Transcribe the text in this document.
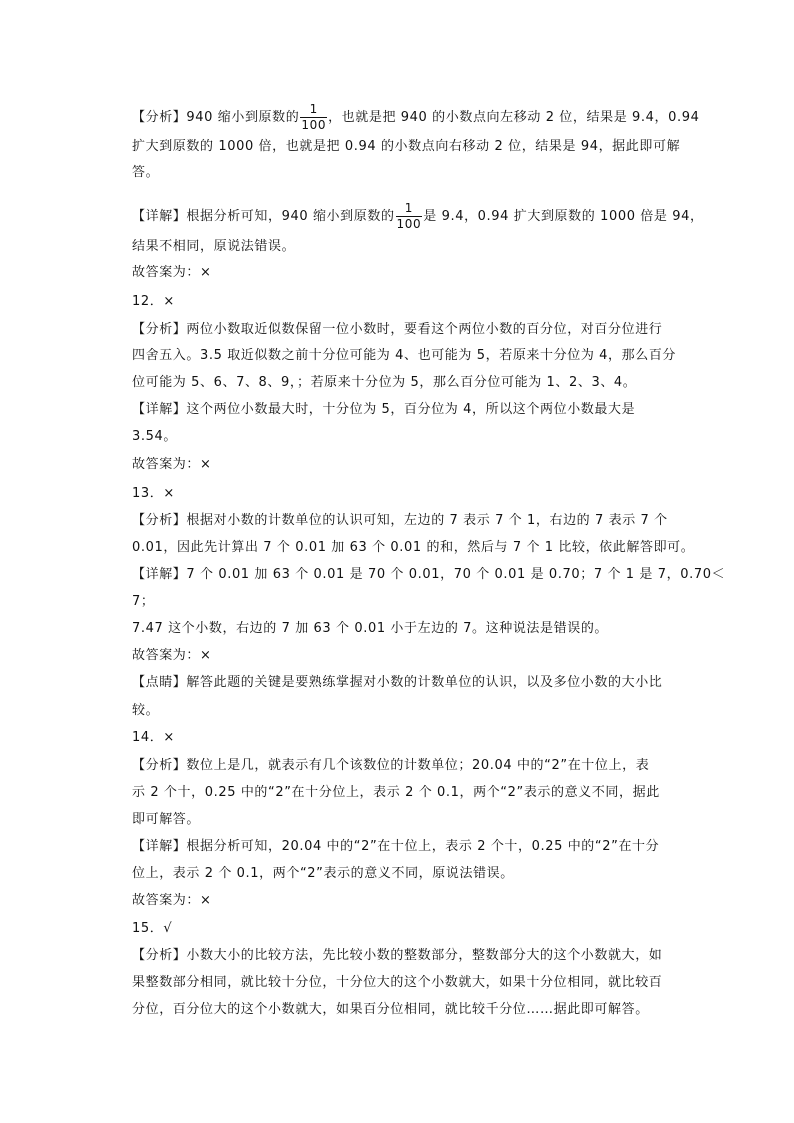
【分析】940 缩小到原数的 $\frac{1}{100}$ ，也就是把 940 的小数点向左移动 2 位，结果是 9.4，0.94
扩大到原数的 1000 倍，也就是把 0.94 的小数点向右移动 2 位，结果是 94，据此即可解
答。
【详解】根据分析可知，940 缩小到原数的 $\frac{1}{100}$ 是 9.4，0.94 扩大到原数的 1000 倍是 94，
结果不相同，原说法错误。
故答案为：×
12．×
【分析】两位小数取近似数保留一位小数时，要看这个两位小数的百分位，对百分位进行
四舍五入。3.5 取近似数之前十分位可能为 4、也可能为 5，若原来十分位为 4，那么百分
位可能为 5、6、7、8、9，；若原来十分位为 5，那么百分位可能为 1、2、3、4。
【详解】这个两位小数最大时，十分位为 5，百分位为 4，所以这个两位小数最大是
3.54。
故答案为：×
13．×
【分析】根据对小数的计数单位的认识可知，左边的 7 表示 7 个 1，右边的 7 表示 7 个
0.01，因此先计算出 7 个 0.01 加 63 个 0.01 的和，然后与 7 个 1 比较，依此解答即可。
【详解】7 个 0.01 加 63 个 0.01 是 70 个 0.01，70 个 0.01 是 0.70；7 个 1 是 7，0.70＜
7；
7.47 这个小数，右边的 7 加 63 个 0.01 小于左边的 7。这种说法是错误的。
故答案为：×
【点睛】解答此题的关键是要熟练掌握对小数的计数单位的认识，以及多位小数的大小比
较。
14．×
【分析】数位上是几，就表示有几个该数位的计数单位；20.04 中的“2”在十位上，表
示 2 个十，0.25 中的“2”在十分位上，表示 2 个 0.1，两个“2”表示的意义不同，据此
即可解答。
【详解】根据分析可知，20.04 中的“2”在十位上，表示 2 个十，0.25 中的“2”在十分
位上，表示 2 个 0.1，两个“2”表示的意义不同，原说法错误。
故答案为：×
15．√
【分析】小数大小的比较方法，先比较小数的整数部分，整数部分大的这个小数就大，如
果整数部分相同，就比较十分位，十分位大的这个小数就大，如果十分位相同，就比较百
分位，百分位大的这个小数就大，如果百分位相同，就比较千分位……据此即可解答。
